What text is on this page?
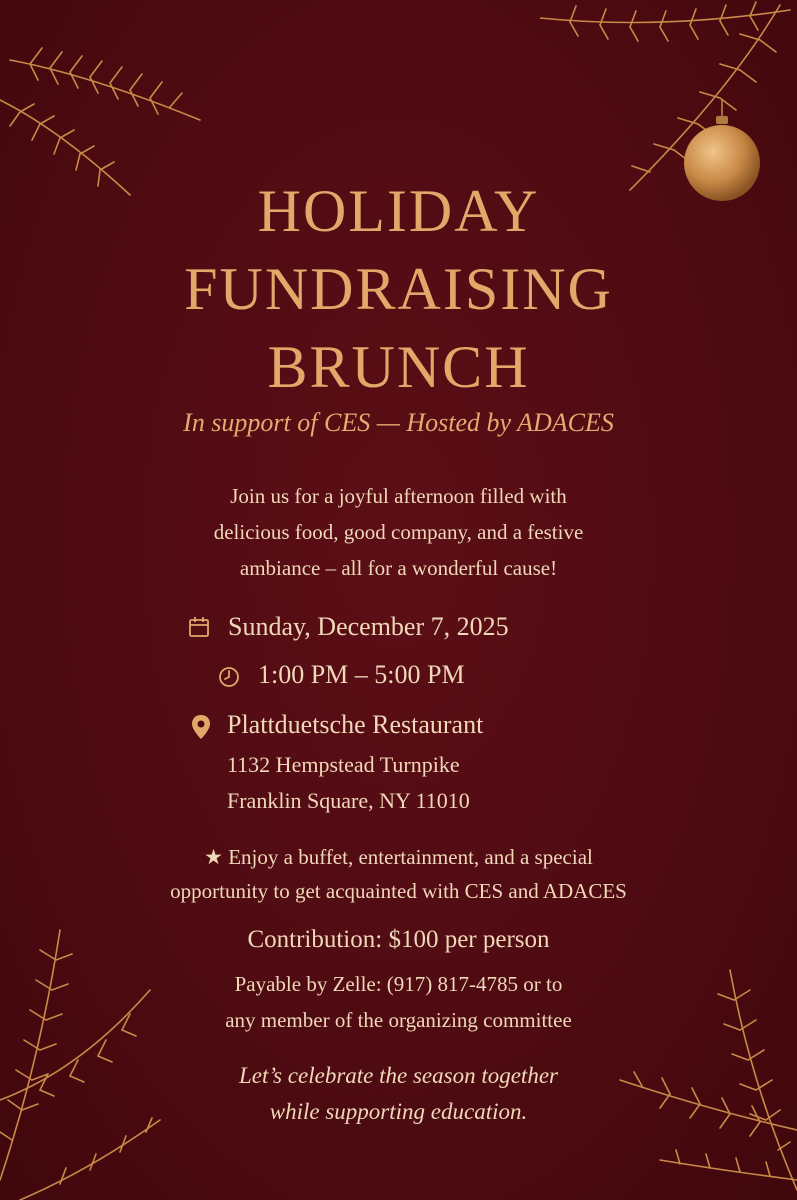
HOLIDAY
FUNDRAISING
BRUNCH
In support of CES — Hosted by ADACES
Join us for a joyful afternoon filled with
delicious food, good company, and a festive
ambiance – all for a wonderful cause!
Sunday, December 7, 2025
1:00 PM – 5:00 PM
Plattduetsche Restaurant
1132 Hempstead Turnpike
Franklin Square, NY 11010
★ Enjoy a buffet, entertainment, and a special
opportunity to get acquainted with CES and ADACES
Contribution: $100 per person
Payable by Zelle: (917) 817-4785 or to
any member of the organizing committee
Let’s celebrate the season together
while supporting education.
